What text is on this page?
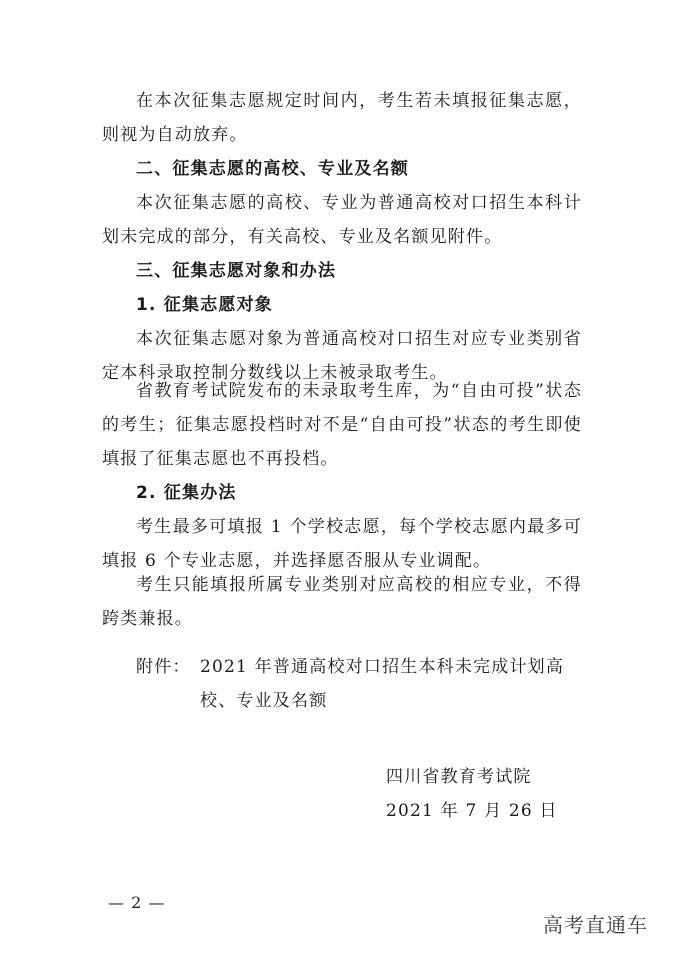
在本次征集志愿规定时间内，考生若未填报征集志愿，则视为自动放弃。

二、征集志愿的高校、专业及名额

本次征集志愿的高校、专业为普通高校对口招生本科计划未完成的部分，有关高校、专业及名额见附件。

三、征集志愿对象和办法

1. 征集志愿对象

本次征集志愿对象为普通高校对口招生对应专业类别省定本科录取控制分数线以上未被录取考生。

省教育考试院发布的未录取考生库，为“自由可投”状态的考生；征集志愿投档时对不是“自由可投”状态的考生即使填报了征集志愿也不再投档。

2. 征集办法

考生最多可填报 1 个学校志愿，每个学校志愿内最多可填报 6 个专业志愿，并选择愿否服从专业调配。

考生只能填报所属专业类别对应高校的相应专业，不得跨类兼报。

附件： 2021 年普通高校对口招生本科未完成计划高校、专业及名额
四川省教育考试院
2021 年 7 月 26 日
— 2 —
高考直通车
